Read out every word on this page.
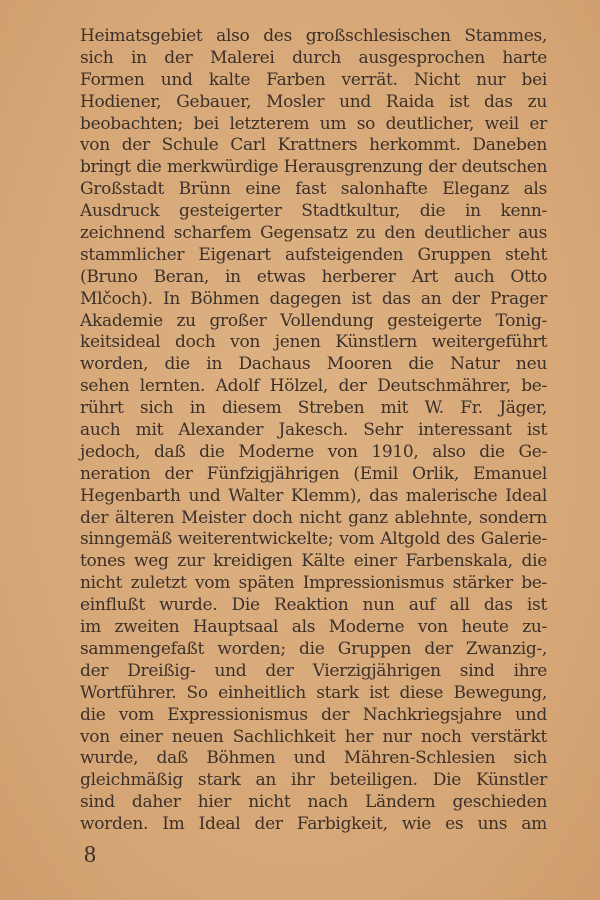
Heimatsgebiet also des großschlesischen Stammes,
sich in der Malerei durch ausgesprochen harte
Formen und kalte Farben verrät. Nicht nur bei
Hodiener, Gebauer, Mosler und Raida ist das zu
beobachten; bei letzterem um so deutlicher, weil er
von der Schule Carl Krattners herkommt. Daneben
bringt die merkwürdige Herausgrenzung der deutschen
Großstadt Brünn eine fast salonhafte Eleganz als
Ausdruck gesteigerter Stadtkultur, die in kenn-
zeichnend scharfem Gegensatz zu den deutlicher aus
stammlicher Eigenart aufsteigenden Gruppen steht
(Bruno Beran, in etwas herberer Art auch Otto
Mlčoch). In Böhmen dagegen ist das an der Prager
Akademie zu großer Vollendung gesteigerte Tonig-
keitsideal doch von jenen Künstlern weitergeführt
worden, die in Dachaus Mooren die Natur neu
sehen lernten. Adolf Hölzel, der Deutschmährer, be-
rührt sich in diesem Streben mit W. Fr. Jäger,
auch mit Alexander Jakesch. Sehr interessant ist
jedoch, daß die Moderne von 1910, also die Ge-
neration der Fünfzigjährigen (Emil Orlik, Emanuel
Hegenbarth und Walter Klemm), das malerische Ideal
der älteren Meister doch nicht ganz ablehnte, sondern
sinngemäß weiterentwickelte; vom Altgold des Galerie-
tones weg zur kreidigen Kälte einer Farbenskala, die
nicht zuletzt vom späten Impressionismus stärker be-
einflußt wurde. Die Reaktion nun auf all das ist
im zweiten Hauptsaal als Moderne von heute zu-
sammengefaßt worden; die Gruppen der Zwanzig-,
der Dreißig- und der Vierzigjährigen sind ihre
Wortführer. So einheitlich stark ist diese Bewegung,
die vom Expressionismus der Nachkriegsjahre und
von einer neuen Sachlichkeit her nur noch verstärkt
wurde, daß Böhmen und Mähren-Schlesien sich
gleichmäßig stark an ihr beteiligen. Die Künstler
sind daher hier nicht nach Ländern geschieden
worden. Im Ideal der Farbigkeit, wie es uns am
8
